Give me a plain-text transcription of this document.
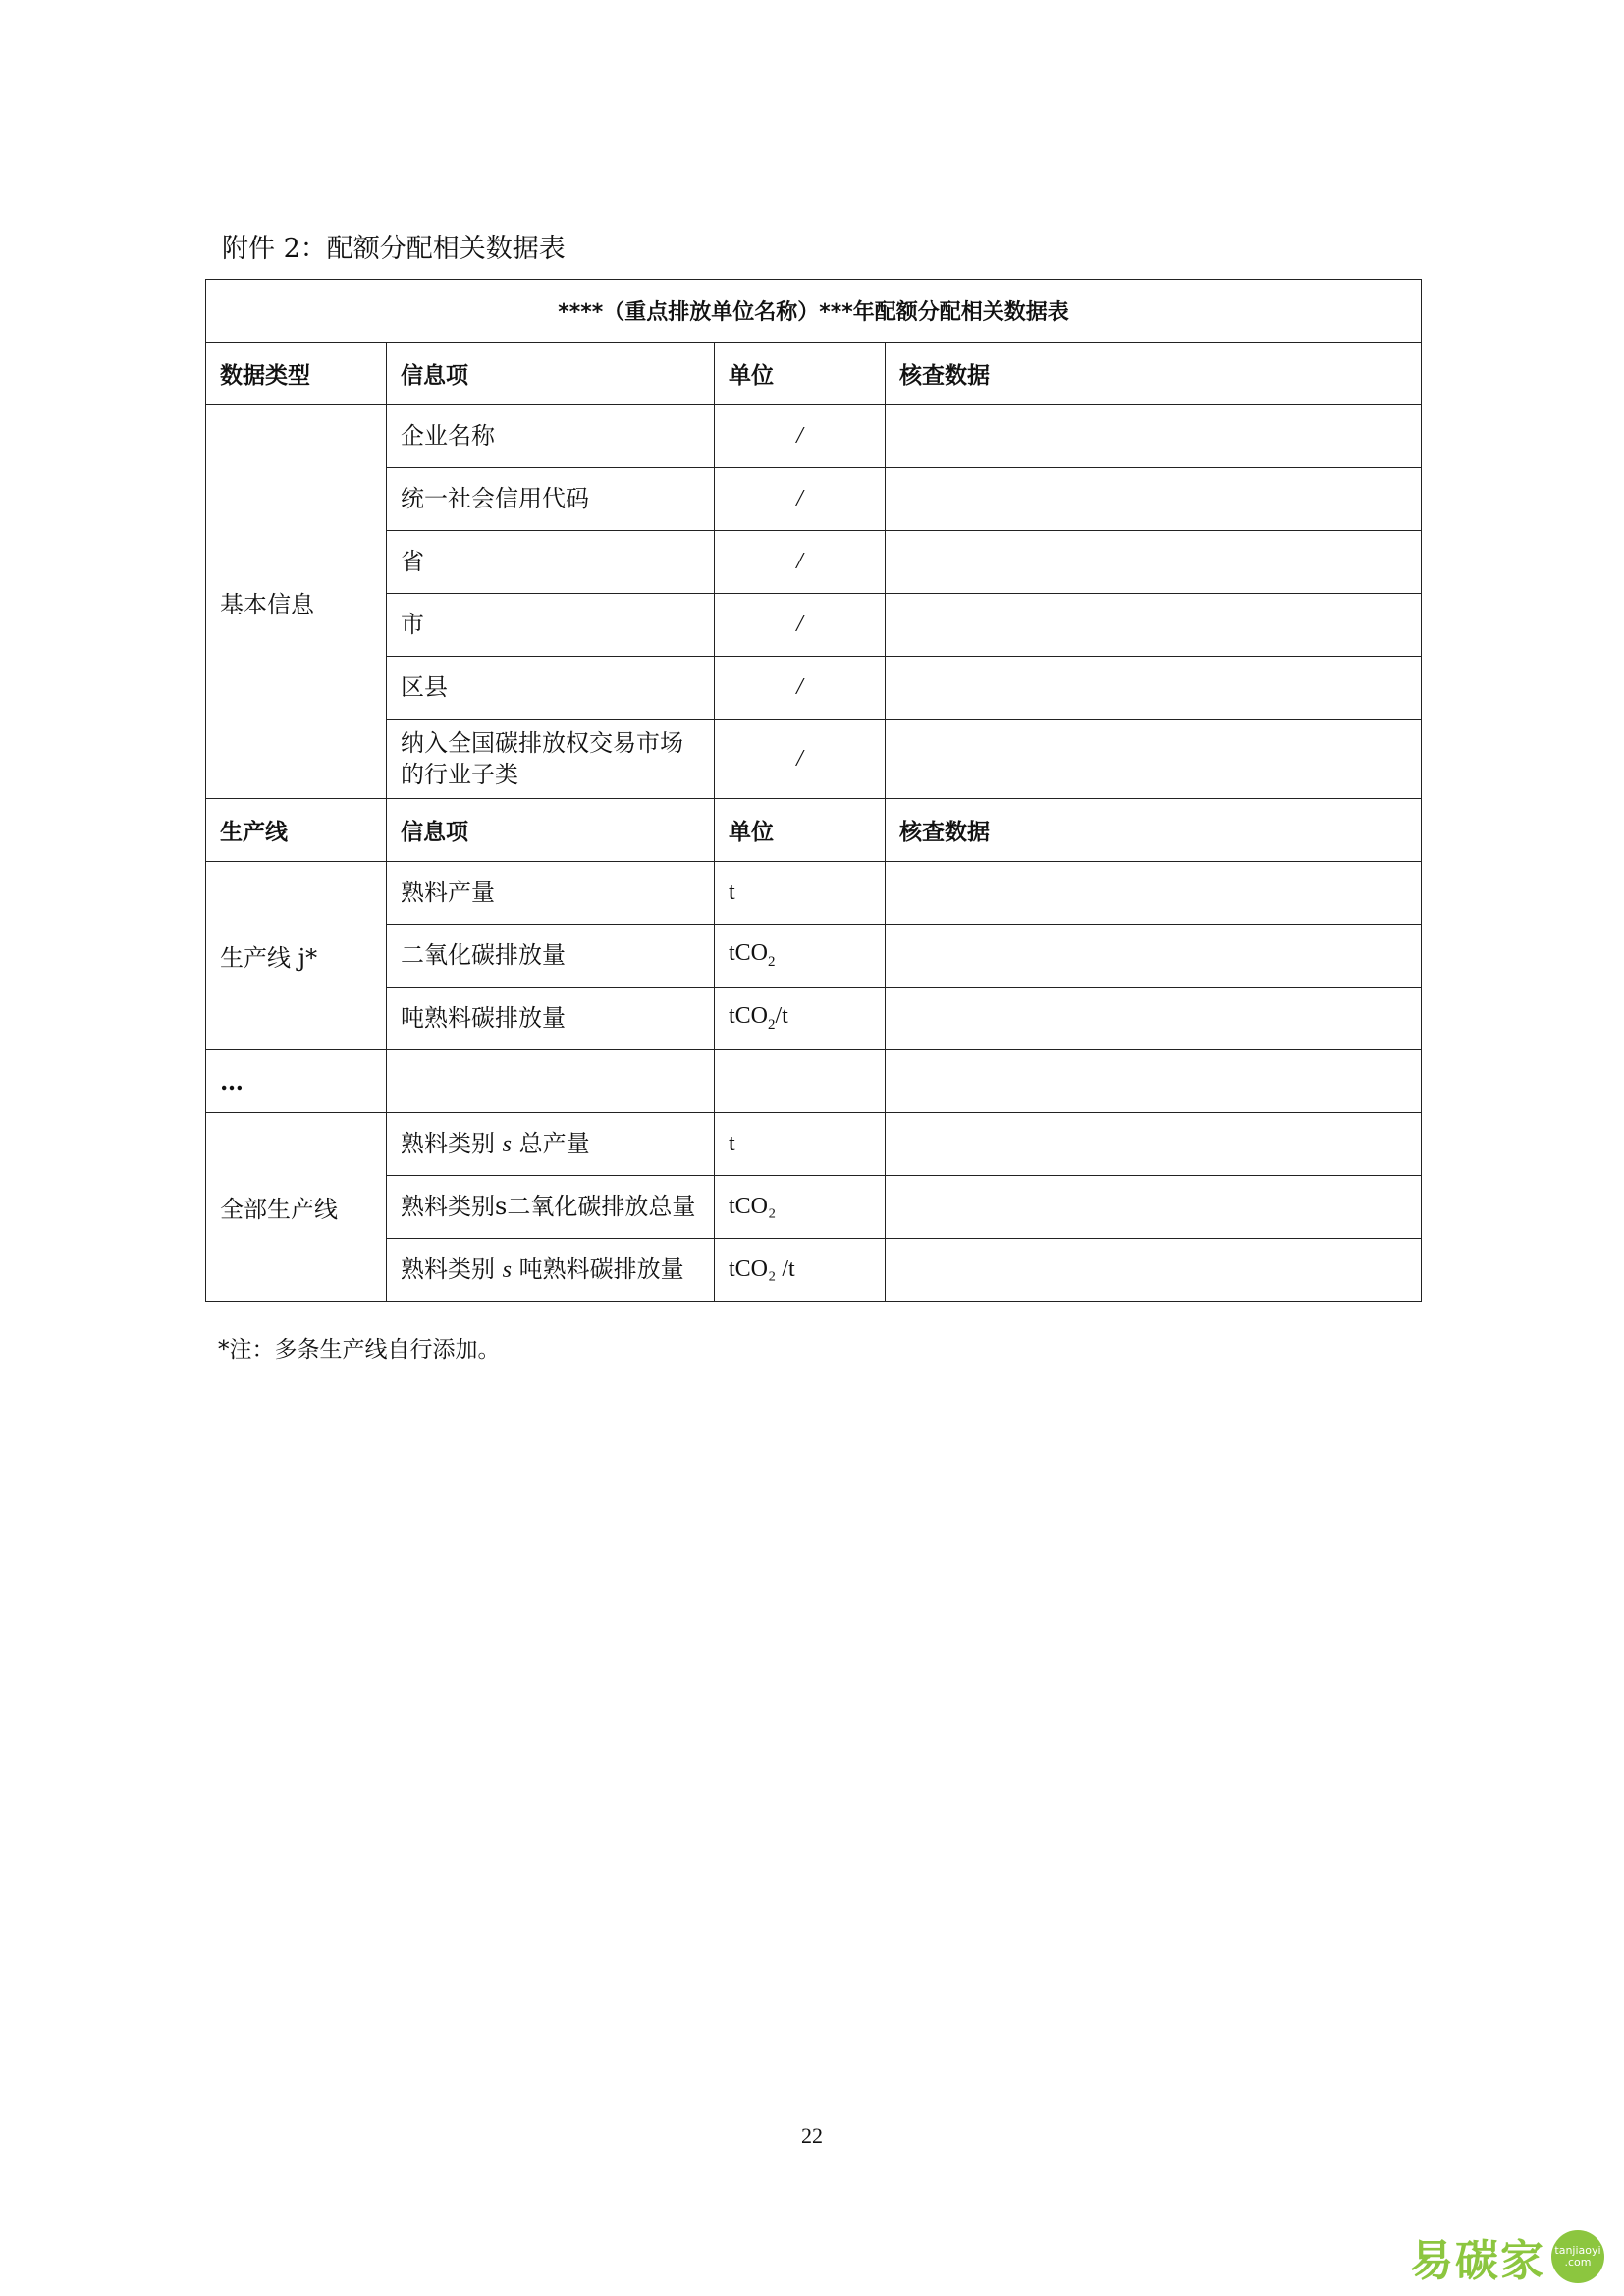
附件 2：配额分配相关数据表
****（重点排放单位名称）***年配额分配相关数据表			
数据类型	信息项	单位	核查数据
基本信息	企业名称	/	
	统一社会信用代码	/	
	省	/	
	市	/	
	区县	/	
	纳入全国碳排放权交易市场的行业子类	/	
生产线	信息项	单位	核查数据
生产线 j*	熟料产量	t	
	二氧化碳排放量	tCO$_2$	
	吨熟料碳排放量	tCO$_2$/t	
…			
全部生产线	熟料类别 s 总产量	t	
	熟料类别s二氧化碳排放总量	tCO₂	
	熟料类别 s 吨熟料碳排放量	tCO₂ /t	
*注：多条生产线自行添加。
22
易碳家 tanjiaoyi .com
